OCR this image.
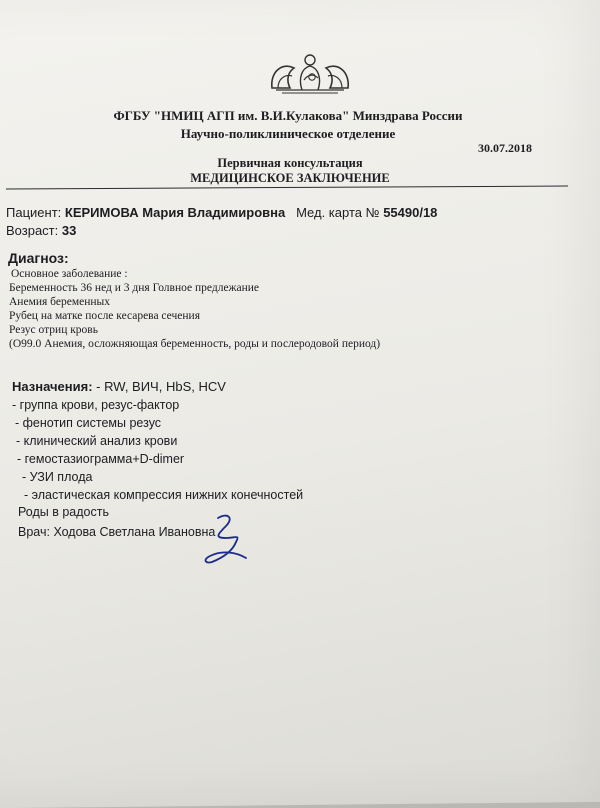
ФГБУ "НМИЦ АГП им. В.И.Кулакова" Минздрава России
Научно-поликлиническое отделение
30.07.2018
Первичная консультация
МЕДИЦИНСКОЕ ЗАКЛЮЧЕНИЕ
Пациент: КЕРИМОВА Мария Владимировна Мед. карта № 55490/18
Возраст: 33
Диагноз:
Основное заболевание :
Беременность 36 нед и 3 дня Голвное предлежание
Анемия беременных
Рубец на матке после кесарева сечения
Резус отриц кровь
(О99.0 Анемия, осложняющая беременность, роды и послеродовой период)
Назначения: - RW, ВИЧ, HbS, HCV
- группа крови, резус-фактор
- фенотип системы резус
- клинический анализ крови
- гемостазиограмма+D-dimer
- УЗИ плода
- эластическая компрессия нижних конечностей
Роды в радость
Врач: Ходова Светлана Ивановна
